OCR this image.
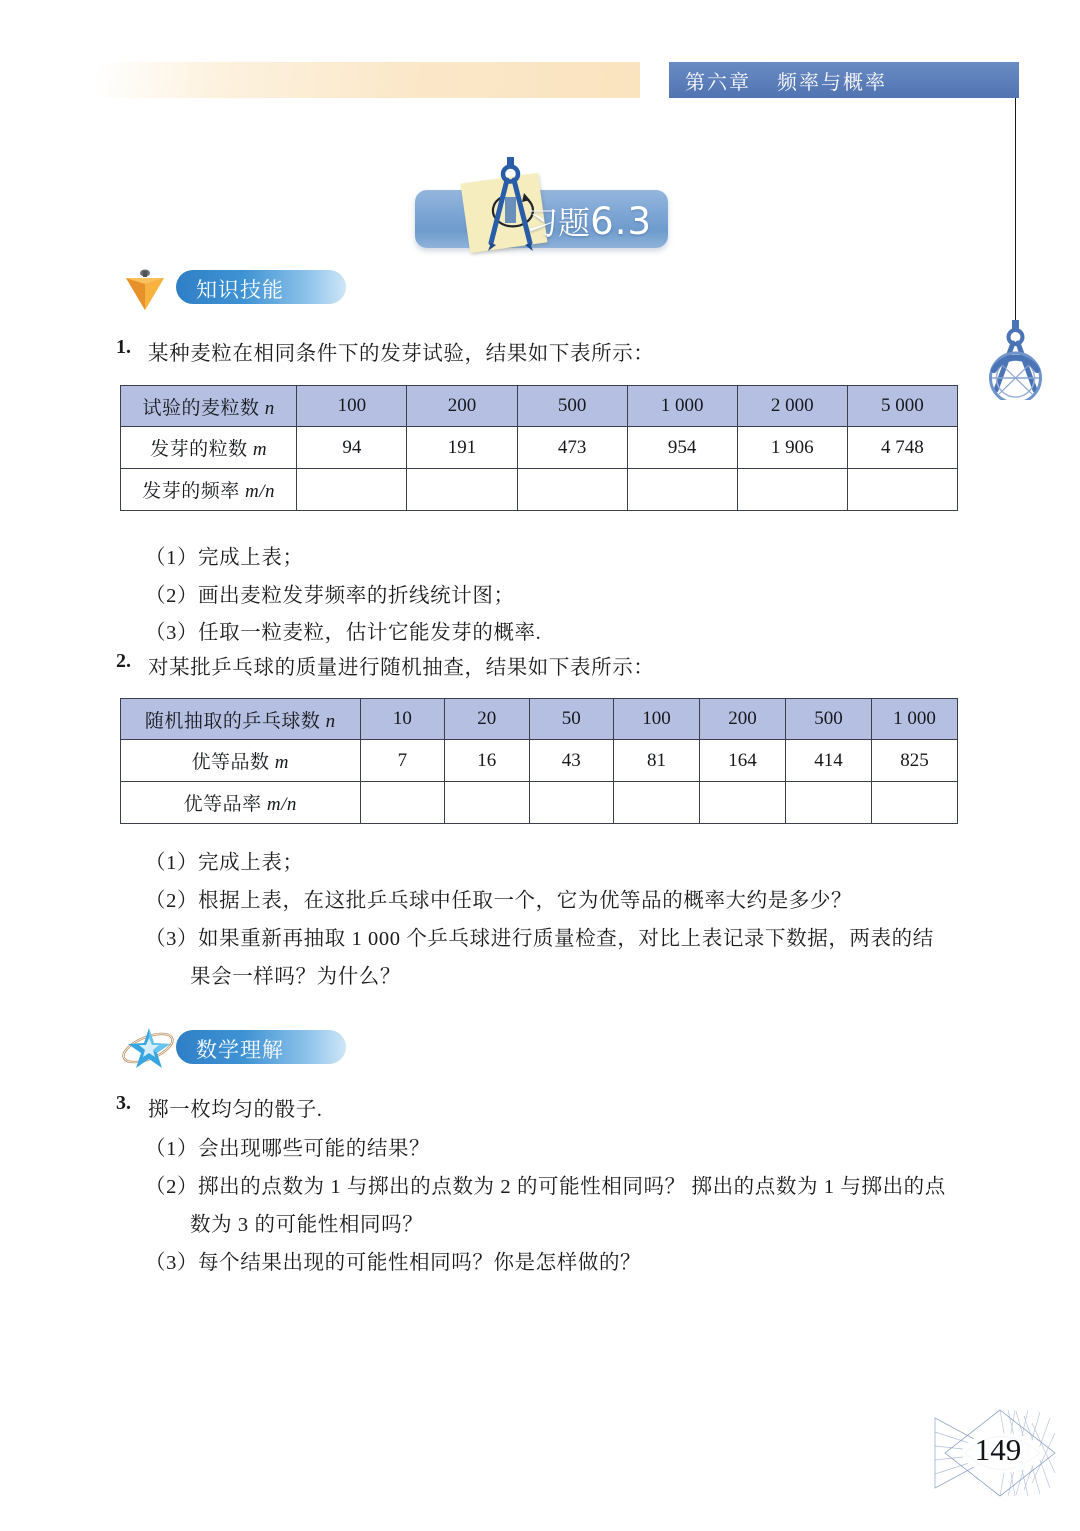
第六章 频率与概率
习题6.3
知识技能
1. 某种麦粒在相同条件下的发芽试验，结果如下表所示：
试验的麦粒数 n	100	200	500	1 000	2 000	5 000
发芽的粒数 m	94	191	473	954	1 906	4 748
发芽的频率 m/n						
（1）完成上表；
（2）画出麦粒发芽频率的折线统计图；
（3）任取一粒麦粒，估计它能发芽的概率.
2. 对某批乒乓球的质量进行随机抽查，结果如下表所示：
随机抽取的乒乓球数 n	10	20	50	100	200	500	1 000
优等品数 m	7	16	43	81	164	414	825
优等品率 m/n							
（1）完成上表；
（2）根据上表，在这批乒乓球中任取一个，它为优等品的概率大约是多少？
（3）如果重新再抽取 1 000 个乒乓球进行质量检查，对比上表记录下数据，两表的结
果会一样吗？为什么？
数学理解
3. 掷一枚均匀的骰子.
（1）会出现哪些可能的结果？
（2）掷出的点数为 1 与掷出的点数为 2 的可能性相同吗？ 掷出的点数为 1 与掷出的点
数为 3 的可能性相同吗？
（3）每个结果出现的可能性相同吗？你是怎样做的？
149
